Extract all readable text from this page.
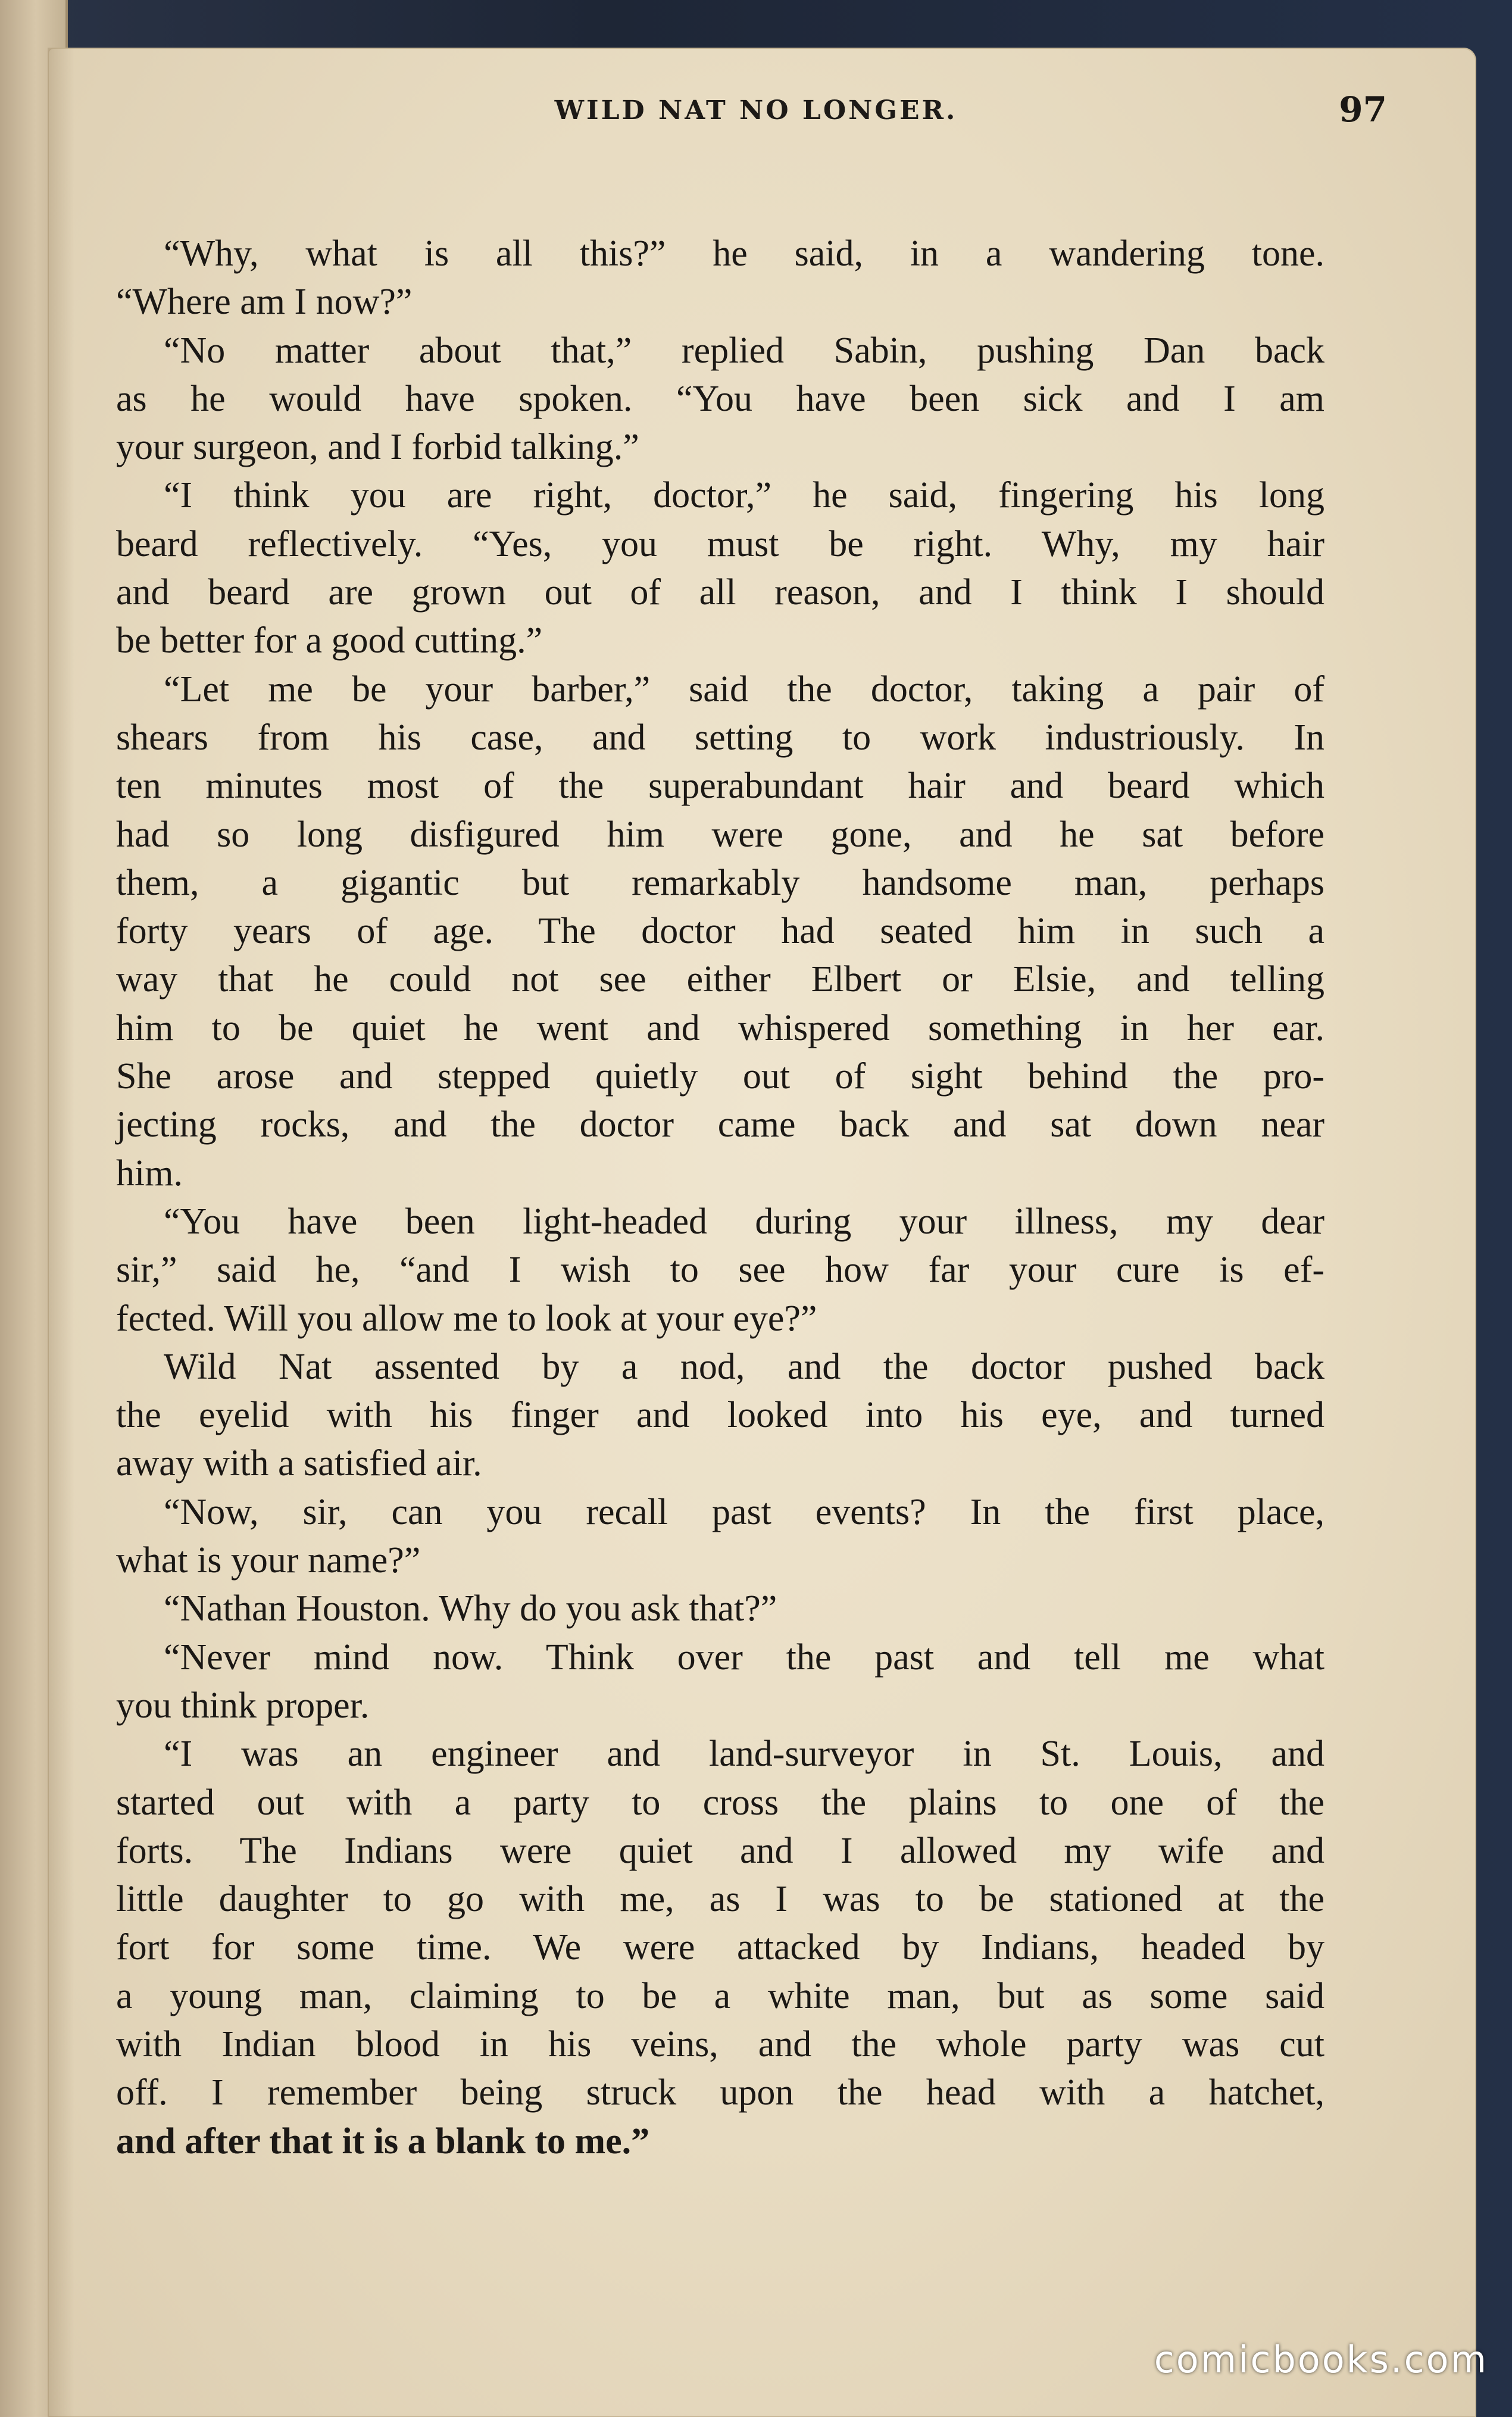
WILD NAT NO LONGER.	97
“Why, what is all this?” he said, in a wandering tone.
“Where am I now?”
“No matter about that,” replied Sabin, pushing Dan back
as he would have spoken. “You have been sick and I am
your surgeon, and I forbid talking.”
“I think you are right, doctor,” he said, fingering his long
beard reflectively. “Yes, you must be right. Why, my hair
and beard are grown out of all reason, and I think I should
be better for a good cutting.”
“Let me be your barber,” said the doctor, taking a pair of
shears from his case, and setting to work industriously. In
ten minutes most of the superabundant hair and beard which
had so long disfigured him were gone, and he sat before
them, a gigantic but remarkably handsome man, perhaps
forty years of age. The doctor had seated him in such a
way that he could not see either Elbert or Elsie, and telling
him to be quiet he went and whispered something in her ear.
She arose and stepped quietly out of sight behind the pro-
jecting rocks, and the doctor came back and sat down near
him.
“You have been light-headed during your illness, my dear
sir,” said he, “and I wish to see how far your cure is ef-
fected. Will you allow me to look at your eye?”
Wild Nat assented by a nod, and the doctor pushed back
the eyelid with his finger and looked into his eye, and turned
away with a satisfied air.
“Now, sir, can you recall past events? In the first place,
what is your name?”
“Nathan Houston. Why do you ask that?”
“Never mind now. Think over the past and tell me what
you think proper.
“I was an engineer and land-surveyor in St. Louis, and
started out with a party to cross the plains to one of the
forts. The Indians were quiet and I allowed my wife and
little daughter to go with me, as I was to be stationed at the
fort for some time. We were attacked by Indians, headed by
a young man, claiming to be a white man, but as some said
with Indian blood in his veins, and the whole party was cut
off. I remember being struck upon the head with a hatchet,
and after that it is a blank to me.”
comicbooks.com
